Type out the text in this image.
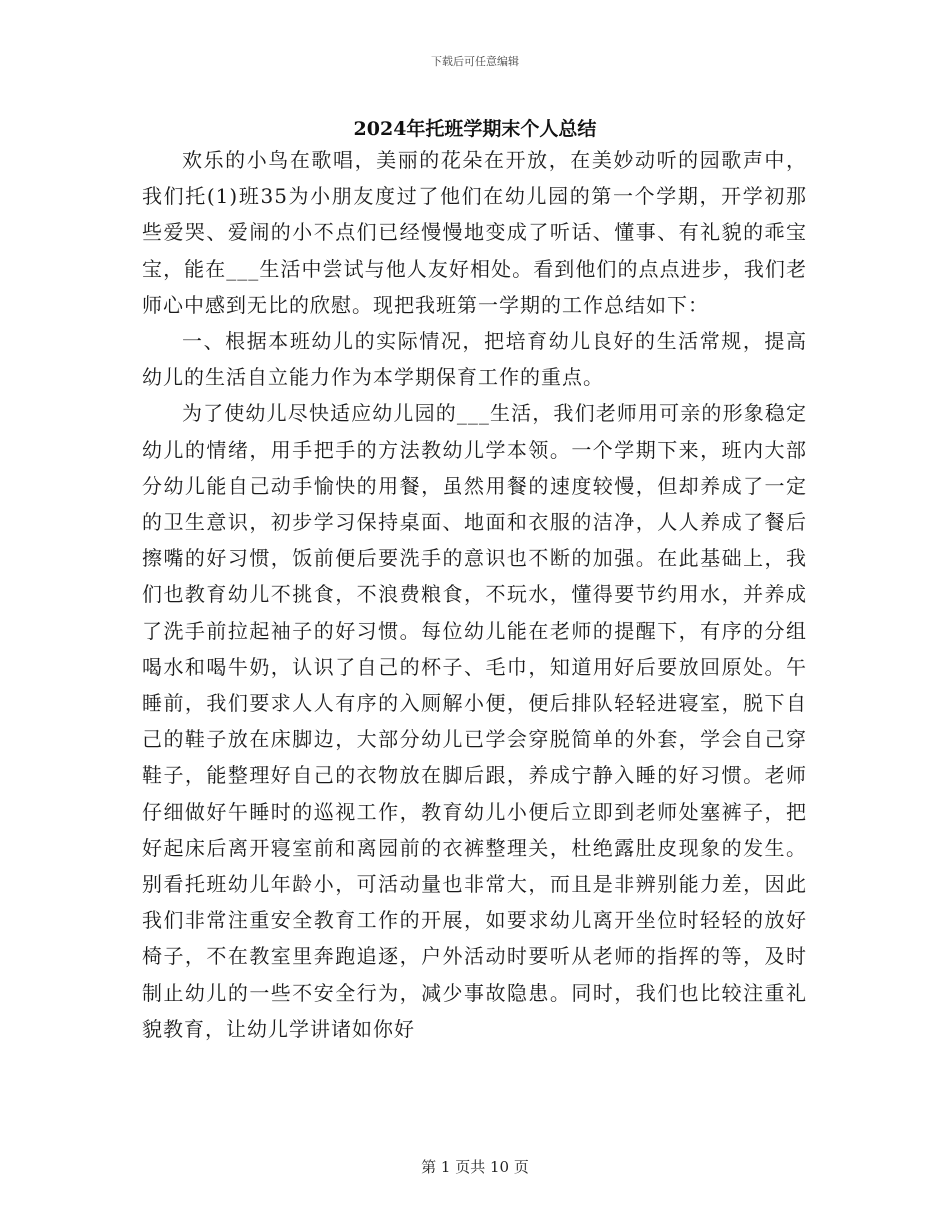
下载后可任意编辑
2024年托班学期末个人总结

欢乐的小鸟在歌唱，美丽的花朵在开放，在美妙动听的园歌声中，我们托(1)班35为小朋友度过了他们在幼儿园的第一个学期，开学初那些爱哭、爱闹的小不点们已经慢慢地变成了听话、懂事、有礼貌的乖宝宝，能在___生活中尝试与他人友好相处。看到他们的点点进步，我们老师心中感到无比的欣慰。现把我班第一学期的工作总结如下：

一、根据本班幼儿的实际情况，把培育幼儿良好的生活常规，提高幼儿的生活自立能力作为本学期保育工作的重点。

为了使幼儿尽快适应幼儿园的___生活，我们老师用可亲的形象稳定幼儿的情绪，用手把手的方法教幼儿学本领。一个学期下来，班内大部分幼儿能自己动手愉快的用餐，虽然用餐的速度较慢，但却养成了一定的卫生意识，初步学习保持桌面、地面和衣服的洁净，人人养成了餐后擦嘴的好习惯，饭前便后要洗手的意识也不断的加强。在此基础上，我们也教育幼儿不挑食，不浪费粮食，不玩水，懂得要节约用水，并养成了洗手前拉起袖子的好习惯。每位幼儿能在老师的提醒下，有序的分组喝水和喝牛奶，认识了自己的杯子、毛巾，知道用好后要放回原处。午睡前，我们要求人人有序的入厕解小便，便后排队轻轻进寝室，脱下自己的鞋子放在床脚边，大部分幼儿已学会穿脱简单的外套，学会自己穿鞋子，能整理好自己的衣物放在脚后跟，养成宁静入睡的好习惯。老师仔细做好午睡时的巡视工作，教育幼儿小便后立即到老师处塞裤子，把好起床后离开寝室前和离园前的衣裤整理关，杜绝露肚皮现象的发生。别看托班幼儿年龄小，可活动量也非常大，而且是非辨别能力差，因此我们非常注重安全教育工作的开展，如要求幼儿离开坐位时轻轻的放好椅子，不在教室里奔跑追逐，户外活动时要听从老师的指挥的等，及时制止幼儿的一些不安全行为，减少事故隐患。同时，我们也比较注重礼貌教育，让幼儿学讲诸如你好

第 1 页共 10 页
